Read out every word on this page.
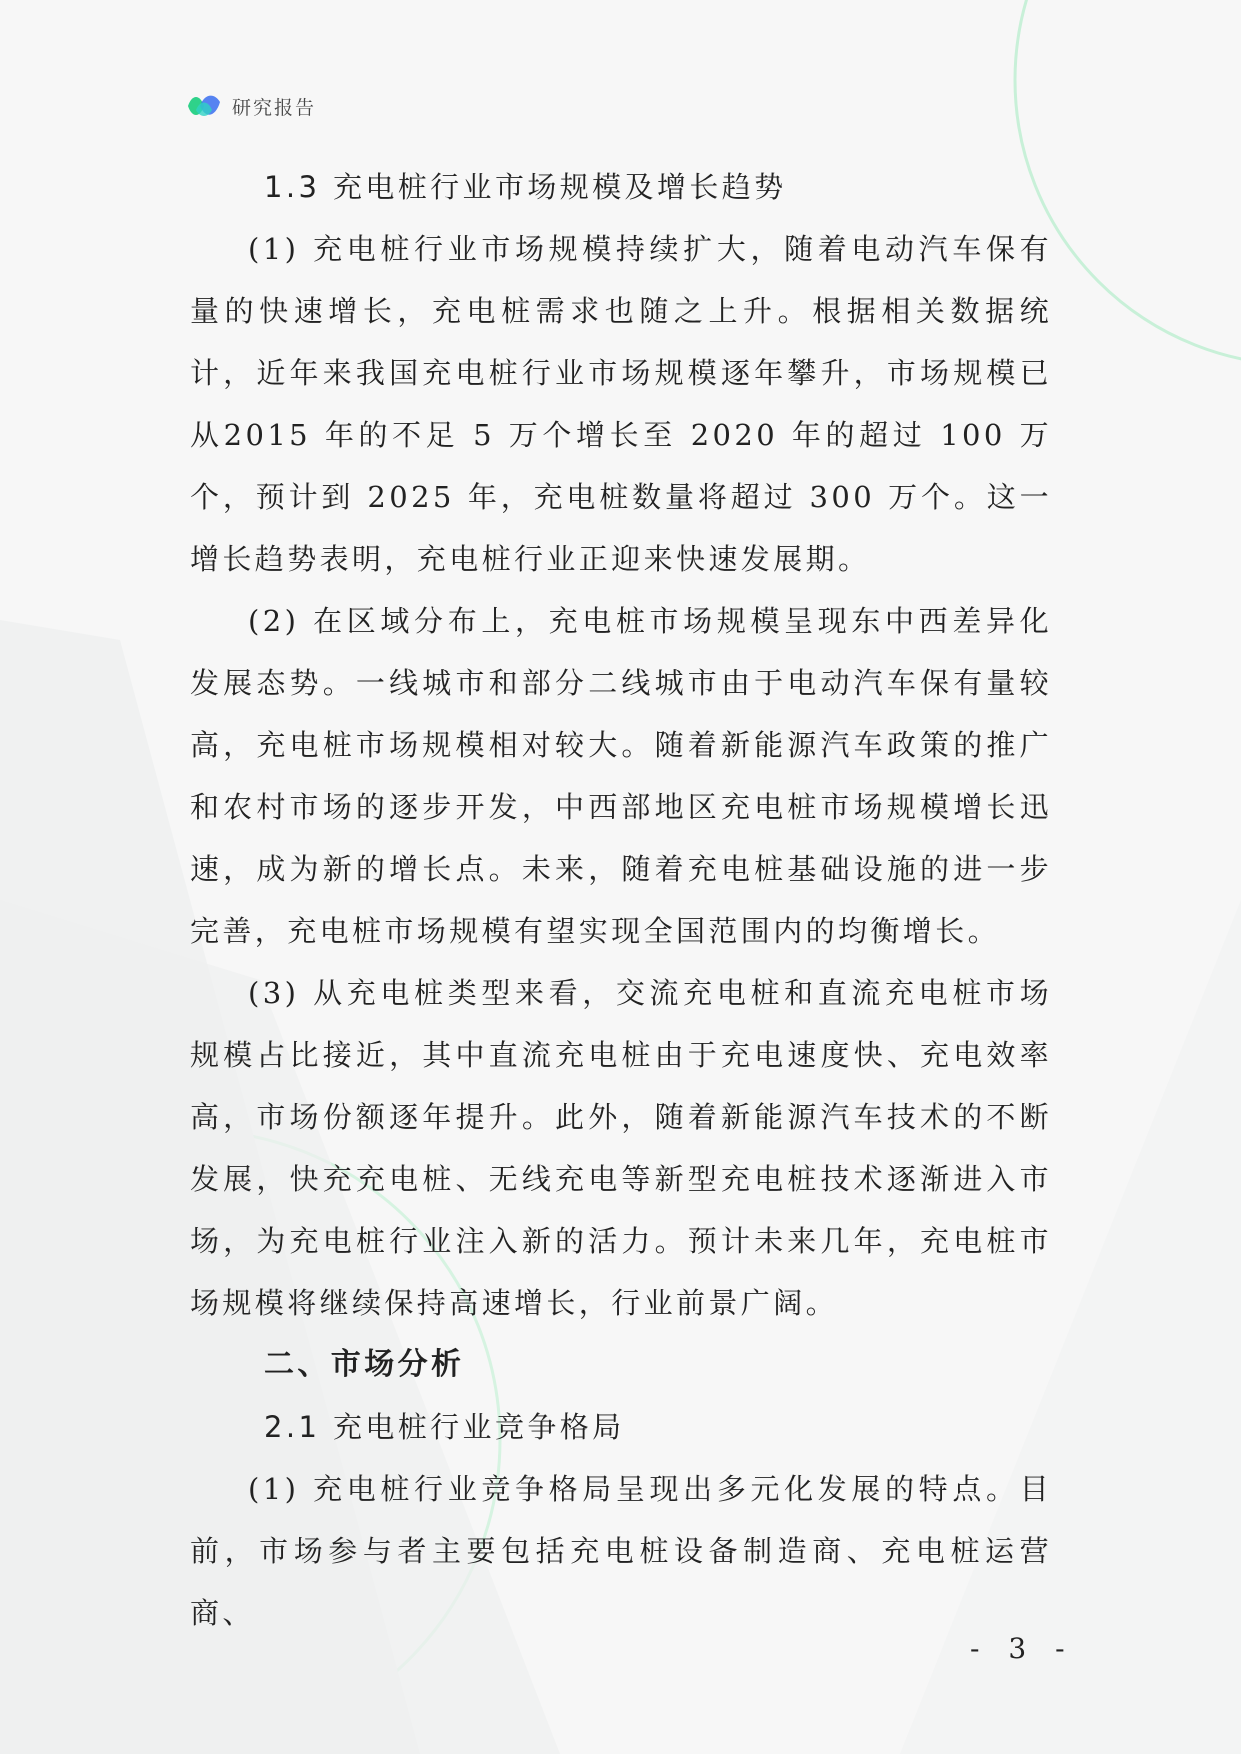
研究报告
1.3 充电桩行业市场规模及增长趋势

(1) 充电桩行业市场规模持续扩大，随着电动汽车保有量的快速增长，充电桩需求也随之上升。根据相关数据统计，近年来我国充电桩行业市场规模逐年攀升，市场规模已从2015 年的不足 5 万个增长至 2020 年的超过 100 万个，预计到 2025 年，充电桩数量将超过 300 万个。这一增长趋势表明，充电桩行业正迎来快速发展期。

(2) 在区域分布上，充电桩市场规模呈现东中西差异化发展态势。一线城市和部分二线城市由于电动汽车保有量较高，充电桩市场规模相对较大。随着新能源汽车政策的推广和农村市场的逐步开发，中西部地区充电桩市场规模增长迅速，成为新的增长点。未来，随着充电桩基础设施的进一步完善，充电桩市场规模有望实现全国范围内的均衡增长。

(3) 从充电桩类型来看，交流充电桩和直流充电桩市场规模占比接近，其中直流充电桩由于充电速度快、充电效率高，市场份额逐年提升。此外，随着新能源汽车技术的不断发展，快充充电桩、无线充电等新型充电桩技术逐渐进入市场，为充电桩行业注入新的活力。预计未来几年，充电桩市场规模将继续保持高速增长，行业前景广阔。

二、市场分析
2.1 充电桩行业竞争格局

(1) 充电桩行业竞争格局呈现出多元化发展的特点。目前，市场参与者主要包括充电桩设备制造商、充电桩运营商、

- 3 -
